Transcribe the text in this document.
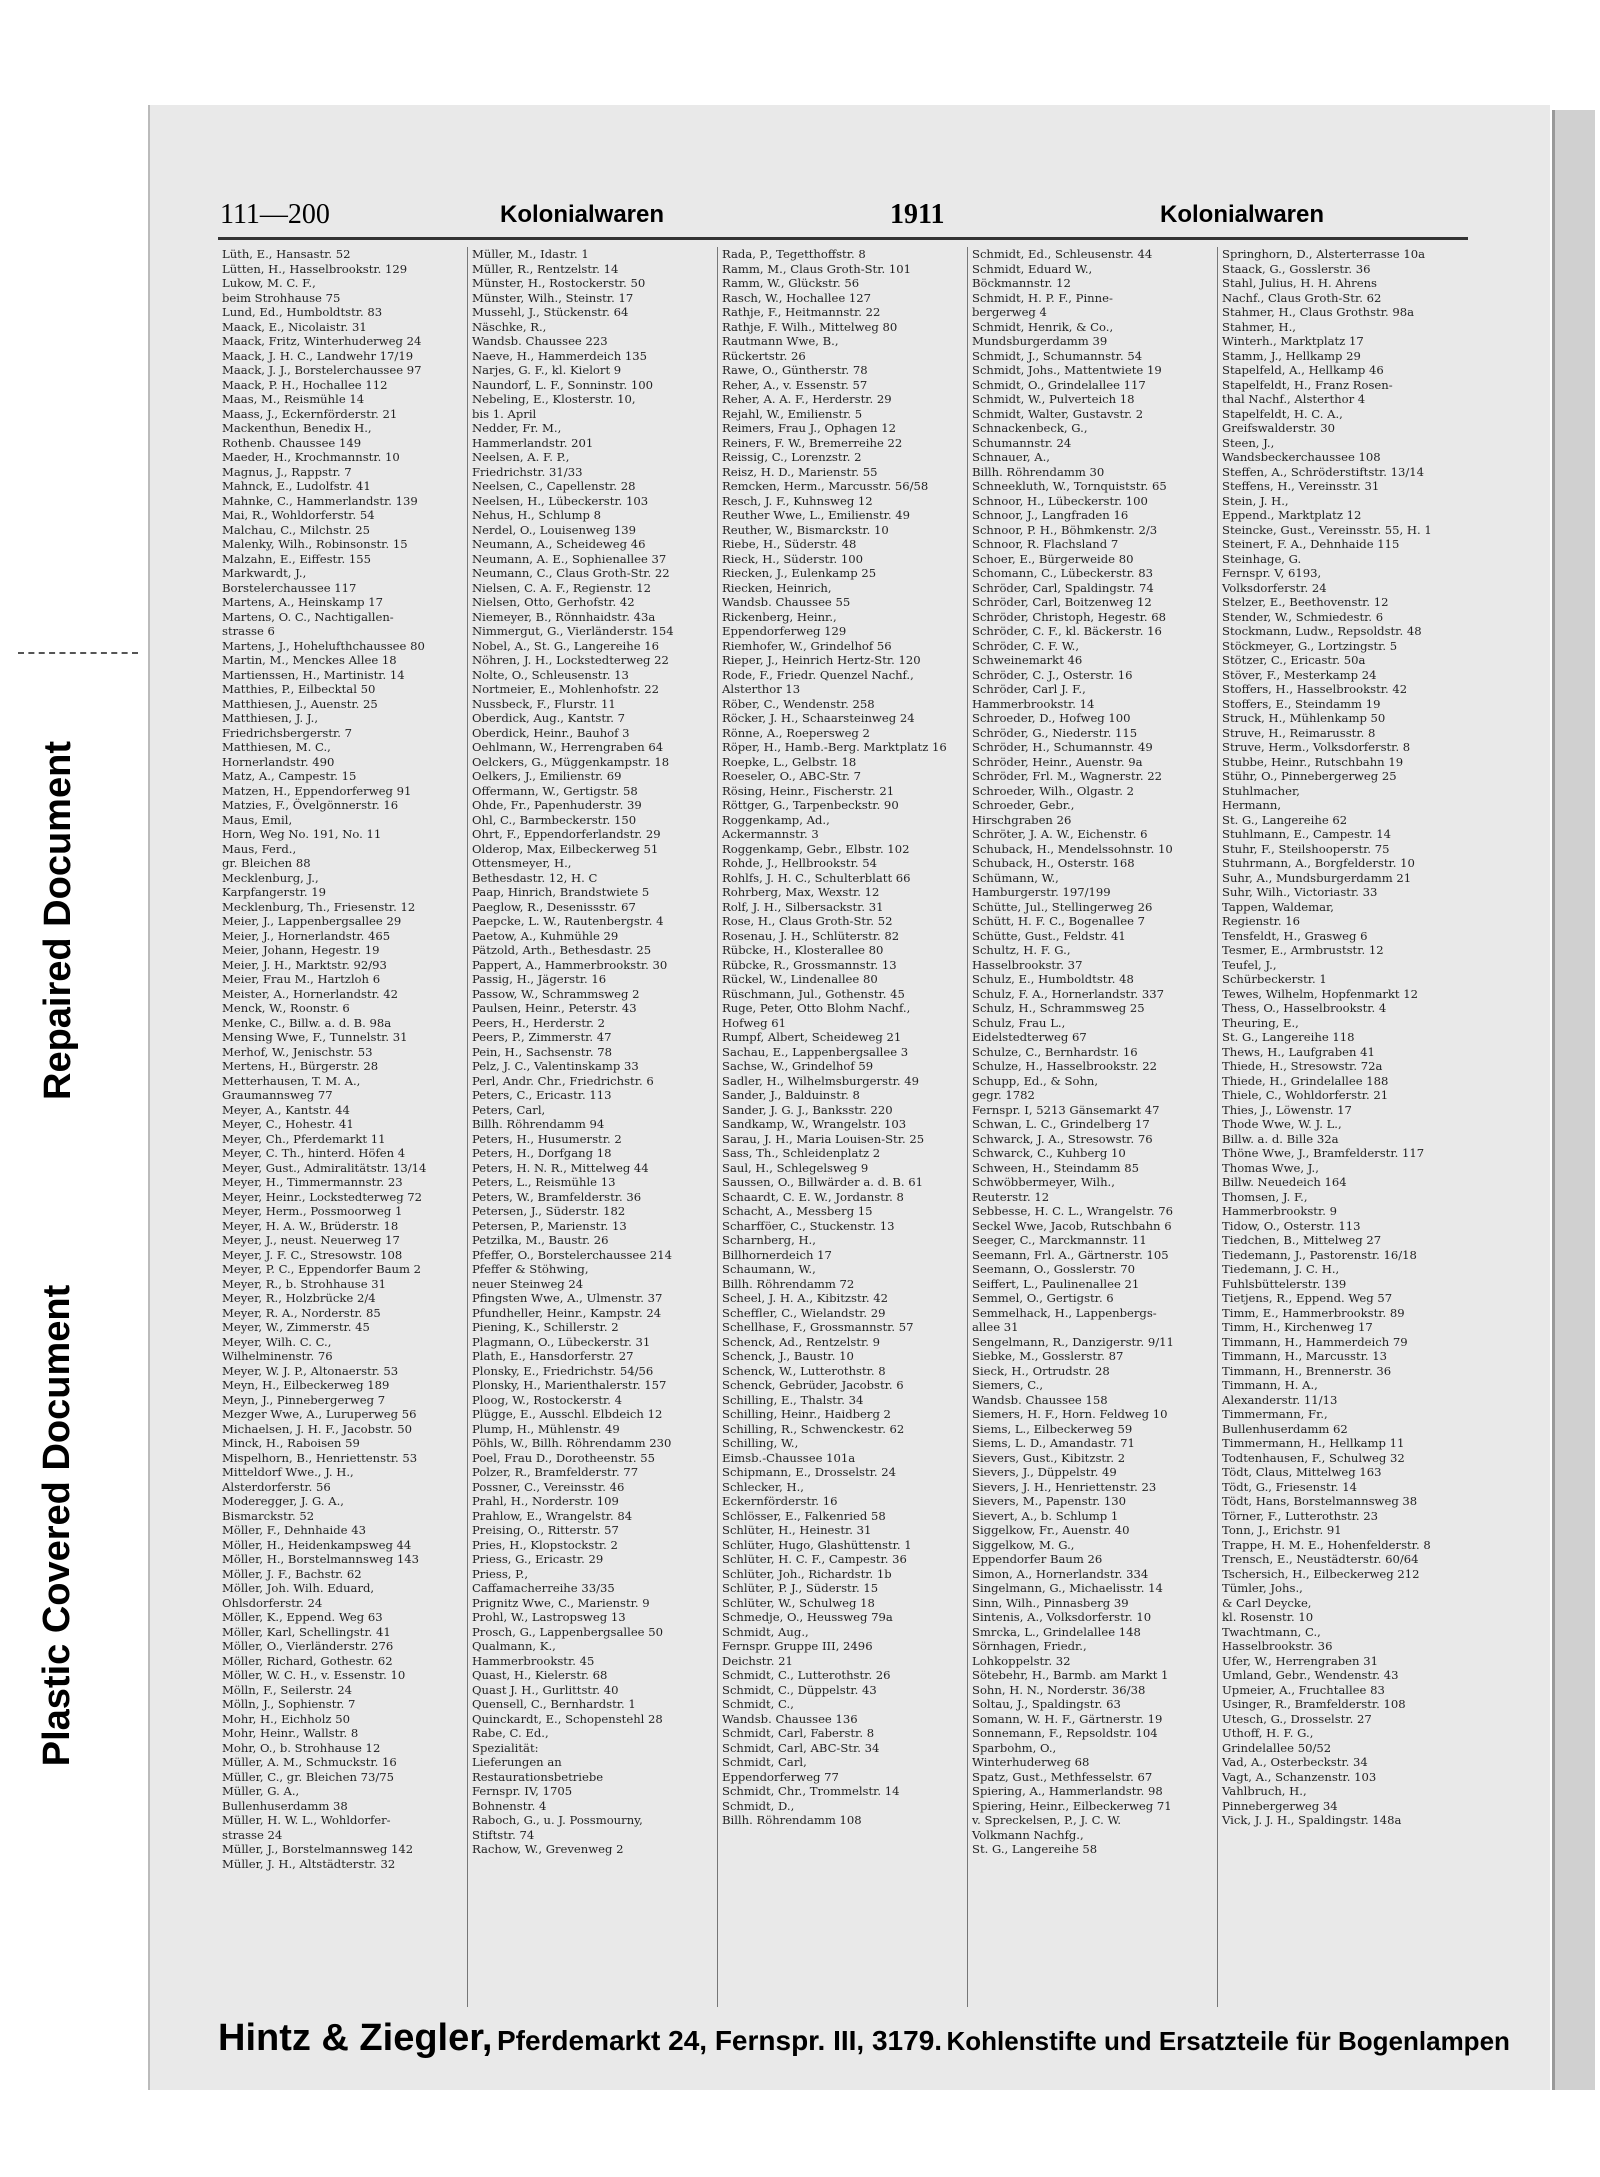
Repaired Document
Plastic Covered Document
111—200	Kolonialwaren	1911	Kolonialwaren
Lüth, E., Hansastr. 52
Lütten, H., Hasselbrookstr. 129
Lukow, M. C. F.,
beim Strohhause 75
Lund, Ed., Humboldtstr. 83
Maack, E., Nicolaistr. 31
Maack, Fritz, Winterhuderweg 24
Maack, J. H. C., Landwehr 17/19
Maack, J. J., Borstelerchaussee 97
Maack, P. H., Hochallee 112
Maas, M., Reismühle 14
Maass, J., Eckernförderstr. 21
Mackenthun, Benedix H.,
Rothenb. Chaussee 149
Maeder, H., Krochmannstr. 10
Magnus, J., Rappstr. 7
Mahnck, E., Ludolfstr. 41
Mahnke, C., Hammerlandstr. 139
Mai, R., Wohldorferstr. 54
Malchau, C., Milchstr. 25
Malenky, Wilh., Robinsonstr. 15
Malzahn, E., Eiffestr. 155
Markwardt, J.,
Borstelerchaussee 117
Martens, A., Heinskamp 17
Martens, O. C., Nachtigallen-
strasse 6
Martens, J., Hohelufthchaussee 80
Martin, M., Menckes Allee 18
Martienssen, H., Martinistr. 14
Matthies, P., Eilbecktal 50
Matthiesen, J., Auenstr. 25
Matthiesen, J. J.,
Friedrichsbergerstr. 7
Matthiesen, M. C.,
Hornerlandstr. 490
Matz, A., Campestr. 15
Matzen, H., Eppendorferweg 91
Matzies, F., Övelgönnerstr. 16
Maus, Emil,
Horn, Weg No. 191, No. 11
Maus, Ferd.,
gr. Bleichen 88
Mecklenburg, J.,
Karpfangerstr. 19
Mecklenburg, Th., Friesenstr. 12
Meier, J., Lappenbergsallee 29
Meier, J., Hornerlandstr. 465
Meier, Johann, Hegestr. 19
Meier, J. H., Marktstr. 92/93
Meier, Frau M., Hartzloh 6
Meister, A., Hornerlandstr. 42
Menck, W., Roonstr. 6
Menke, C., Billw. a. d. B. 98a
Mensing Wwe, F., Tunnelstr. 31
Merhof, W., Jenischstr. 53
Mertens, H., Bürgerstr. 28
Metterhausen, T. M. A.,
Graumannsweg 77
Meyer, A., Kantstr. 44
Meyer, C., Hohestr. 41
Meyer, Ch., Pferdemarkt 11
Meyer, C. Th., hinterd. Höfen 4
Meyer, Gust., Admiralitätstr. 13/14
Meyer, H., Timmermannstr. 23
Meyer, Heinr., Lockstedterweg 72
Meyer, Herm., Possmoorweg 1
Meyer, H. A. W., Brüderstr. 18
Meyer, J., neust. Neuerweg 17
Meyer, J. F. C., Stresowstr. 108
Meyer, P. C., Eppendorfer Baum 2
Meyer, R., b. Strohhause 31
Meyer, R., Holzbrücke 2/4
Meyer, R. A., Norderstr. 85
Meyer, W., Zimmerstr. 45
Meyer, Wilh. C. C.,
Wilhelminenstr. 76
Meyer, W. J. P., Altonaerstr. 53
Meyn, H., Eilbeckerweg 189
Meyn, J., Pinnebergerweg 7
Mezger Wwe, A., Luruperweg 56
Michaelsen, J. H. F., Jacobstr. 50
Minck, H., Raboisen 59
Mispelhorn, B., Henriettenstr. 53
Mitteldorf Wwe., J. H.,
Alsterdorferstr. 56
Moderegger, J. G. A.,
Bismarckstr. 52
Möller, F., Dehnhaide 43
Möller, H., Heidenkampsweg 44
Möller, H., Borstelmannsweg 143
Möller, J. F., Bachstr. 62
Möller, Joh. Wilh. Eduard,
Ohlsdorferstr. 24
Möller, K., Eppend. Weg 63
Möller, Karl, Schellingstr. 41
Möller, O., Vierländerstr. 276
Möller, Richard, Gothestr. 62
Möller, W. C. H., v. Essenstr. 10
Mölln, F., Seilerstr. 24
Mölln, J., Sophienstr. 7
Mohr, H., Eichholz 50
Mohr, Heinr., Wallstr. 8
Mohr, O., b. Strohhause 12
Müller, A. M., Schmuckstr. 16
Müller, C., gr. Bleichen 73/75
Müller, G. A.,
Bullenhuserdamm 38
Müller, H. W. L., Wohldorfer-
strasse 24
Müller, J., Borstelmannsweg 142
Müller, J. H., Altstädterstr. 32
Müller, M., Idastr. 1
Müller, R., Rentzelstr. 14
Münster, H., Rostockerstr. 50
Münster, Wilh., Steinstr. 17
Mussehl, J., Stückenstr. 64
Näschke, R.,
Wandsb. Chaussee 223
Naeve, H., Hammerdeich 135
Narjes, G. F., kl. Kielort 9
Naundorf, L. F., Sonninstr. 100
Nebeling, E., Klosterstr. 10,
bis 1. April
Nedder, Fr. M.,
Hammerlandstr. 201
Neelsen, A. F. P.,
Friedrichstr. 31/33
Neelsen, C., Capellenstr. 28
Neelsen, H., Lübeckerstr. 103
Nehus, H., Schlump 8
Nerdel, O., Louisenweg 139
Neumann, A., Scheideweg 46
Neumann, A. E., Sophienallee 37
Neumann, C., Claus Groth-Str. 22
Nielsen, C. A. F., Regienstr. 12
Nielsen, Otto, Gerhofstr. 42
Niemeyer, B., Rönnhaidstr. 43a
Nimmergut, G., Vierländerstr. 154
Nobel, A., St. G., Langereihe 16
Nöhren, J. H., Lockstedterweg 22
Nolte, O., Schleusenstr. 13
Nortmeier, E., Mohlenhofstr. 22
Nussbeck, F., Flurstr. 11
Oberdick, Aug., Kantstr. 7
Oberdick, Heinr., Bauhof 3
Oehlmann, W., Herrengraben 64
Oelckers, G., Müggenkampstr. 18
Oelkers, J., Emilienstr. 69
Offermann, W., Gertigstr. 58
Ohde, Fr., Papenhuderstr. 39
Ohl, C., Barmbeckerstr. 150
Ohrt, F., Eppendorferlandstr. 29
Olderop, Max, Eilbeckerweg 51
Ottensmeyer, H.,
Bethesdastr. 12, H. C
Paap, Hinrich, Brandstwiete 5
Paeglow, R., Desenissstr. 67
Paepcke, L. W., Rautenbergstr. 4
Paetow, A., Kuhmühle 29
Pätzold, Arth., Bethesdastr. 25
Pappert, A., Hammerbrookstr. 30
Passig, H., Jägerstr. 16
Passow, W., Schrammsweg 2
Paulsen, Heinr., Peterstr. 43
Peers, H., Herderstr. 2
Peers, P., Zimmerstr. 47
Pein, H., Sachsenstr. 78
Pelz, J. C., Valentinskamp 33
Perl, Andr. Chr., Friedrichstr. 6
Peters, C., Ericastr. 113
Peters, Carl,
Billh. Röhrendamm 94
Peters, H., Husumerstr. 2
Peters, H., Dorfgang 18
Peters, H. N. R., Mittelweg 44
Peters, L., Reismühle 13
Peters, W., Bramfelderstr. 36
Petersen, J., Süderstr. 182
Petersen, P., Marienstr. 13
Petzilka, M., Baustr. 26
Pfeffer, O., Borstelerchaussee 214
Pfeffer & Stöhwing,
neuer Steinweg 24
Pfingsten Wwe, A., Ulmenstr. 37
Pfundheller, Heinr., Kampstr. 24
Piening, K., Schillerstr. 2
Plagmann, O., Lübeckerstr. 31
Plath, E., Hansdorferstr. 27
Plonsky, E., Friedrichstr. 54/56
Plonsky, H., Marienthalerstr. 157
Ploog, W., Rostockerstr. 4
Plügge, E., Ausschl. Elbdeich 12
Plump, H., Mühlenstr. 49
Pöhls, W., Billh. Röhrendamm 230
Poel, Frau D., Dorotheenstr. 55
Polzer, R., Bramfelderstr. 77
Possner, C., Vereinsstr. 46
Prahl, H., Norderstr. 109
Prahlow, E., Wrangelstr. 84
Preising, O., Ritterstr. 57
Pries, H., Klopstockstr. 2
Priess, G., Ericastr. 29
Priess, P.,
Caffamacherreihe 33/35
Prignitz Wwe, C., Marienstr. 9
Prohl, W., Lastropsweg 13
Prosch, G., Lappenbergsallee 50
Qualmann, K.,
Hammerbrookstr. 45
Quast, H., Kielerstr. 68
Quast J. H., Gurlittstr. 40
Quensell, C., Bernhardstr. 1
Quinckardt, E., Schopenstehl 28
Rabe, C. Ed.,
Spezialität:
Lieferungen an
Restaurationsbetriebe
Fernspr. IV, 1705
Bohnenstr. 4
Raboch, G., u. J. Possmourny,
Stiftstr. 74
Rachow, W., Grevenweg 2
Rada, P., Tegetthoffstr. 8
Ramm, M., Claus Groth-Str. 101
Ramm, W., Glückstr. 56
Rasch, W., Hochallee 127
Rathje, F., Heitmannstr. 22
Rathje, F. Wilh., Mittelweg 80
Rautmann Wwe, B.,
Rückertstr. 26
Rawe, O., Güntherstr. 78
Reher, A., v. Essenstr. 57
Reher, A. A. F., Herderstr. 29
Rejahl, W., Emilienstr. 5
Reimers, Frau J., Ophagen 12
Reiners, F. W., Bremerreihe 22
Reissig, C., Lorenzstr. 2
Reisz, H. D., Marienstr. 55
Remcken, Herm., Marcusstr. 56/58
Resch, J. F., Kuhnsweg 12
Reuther Wwe, L., Emilienstr. 49
Reuther, W., Bismarckstr. 10
Riebe, H., Süderstr. 48
Rieck, H., Süderstr. 100
Riecken, J., Eulenkamp 25
Riecken, Heinrich,
Wandsb. Chaussee 55
Rickenberg, Heinr.,
Eppendorferweg 129
Riemhofer, W., Grindelhof 56
Rieper, J., Heinrich Hertz-Str. 120
Rode, F., Friedr. Quenzel Nachf.,
Alsterthor 13
Röber, C., Wendenstr. 258
Röcker, J. H., Schaarsteinweg 24
Rönne, A., Roepersweg 2
Röper, H., Hamb.-Berg. Marktplatz 16
Roepke, L., Gelbstr. 18
Roeseler, O., ABC-Str. 7
Rösing, Heinr., Fischerstr. 21
Röttger, G., Tarpenbeckstr. 90
Roggenkamp, Ad.,
Ackermannstr. 3
Roggenkamp, Gebr., Elbstr. 102
Rohde, J., Hellbrookstr. 54
Rohlfs, J. H. C., Schulterblatt 66
Rohrberg, Max, Wexstr. 12
Rolf, J. H., Silbersackstr. 31
Rose, H., Claus Groth-Str. 52
Rosenau, J. H., Schlüterstr. 82
Rübcke, H., Klosterallee 80
Rübcke, R., Grossmannstr. 13
Rückel, W., Lindenallee 80
Rüschmann, Jul., Gothenstr. 45
Ruge, Peter, Otto Blohm Nachf.,
Hofweg 61
Rumpf, Albert, Scheideweg 21
Sachau, E., Lappenbergsallee 3
Sachse, W., Grindelhof 59
Sadler, H., Wilhelmsburgerstr. 49
Sander, J., Balduinstr. 8
Sander, J. G. J., Banksstr. 220
Sandkamp, W., Wrangelstr. 103
Sarau, J. H., Maria Louisen-Str. 25
Sass, Th., Schleidenplatz 2
Saul, H., Schlegelsweg 9
Saussen, O., Billwärder a. d. B. 61
Schaardt, C. E. W., Jordanstr. 8
Schacht, A., Messberg 15
Scharfföer, C., Stuckenstr. 13
Scharnberg, H.,
Billhornerdeich 17
Schaumann, W.,
Billh. Röhrendamm 72
Scheel, J. H. A., Kibitzstr. 42
Scheffler, C., Wielandstr. 29
Schellhase, F., Grossmannstr. 57
Schenck, Ad., Rentzelstr. 9
Schenck, J., Baustr. 10
Schenck, W., Lutterothstr. 8
Schenck, Gebrüder, Jacobstr. 6
Schilling, E., Thalstr. 34
Schilling, Heinr., Haidberg 2
Schilling, R., Schwenckestr. 62
Schilling, W.,
Eimsb.-Chaussee 101a
Schipmann, E., Drosselstr. 24
Schlecker, H.,
Eckernförderstr. 16
Schlösser, E., Falkenried 58
Schlüter, H., Heinestr. 31
Schlüter, Hugo, Glashüttenstr. 1
Schlüter, H. C. F., Campestr. 36
Schlüter, Joh., Richardstr. 1b
Schlüter, P. J., Süderstr. 15
Schlüter, W., Schulweg 18
Schmedje, O., Heussweg 79a
Schmidt, Aug.,
Fernspr. Gruppe III, 2496
Deichstr. 21
Schmidt, C., Lutterothstr. 26
Schmidt, C., Düppelstr. 43
Schmidt, C.,
Wandsb. Chaussee 136
Schmidt, Carl, Faberstr. 8
Schmidt, Carl, ABC-Str. 34
Schmidt, Carl,
Eppendorferweg 77
Schmidt, Chr., Trommelstr. 14
Schmidt, D.,
Billh. Röhrendamm 108
Schmidt, Ed., Schleusenstr. 44
Schmidt, Eduard W.,
Böckmannstr. 12
Schmidt, H. P. F., Pinne-
bergerweg 4
Schmidt, Henrik, & Co.,
Mundsburgerdamm 39
Schmidt, J., Schumannstr. 54
Schmidt, Johs., Mattentwiete 19
Schmidt, O., Grindelallee 117
Schmidt, W., Pulverteich 18
Schmidt, Walter, Gustavstr. 2
Schnackenbeck, G.,
Schumannstr. 24
Schnauer, A.,
Billh. Röhrendamm 30
Schneekluth, W., Tornquiststr. 65
Schnoor, H., Lübeckerstr. 100
Schnoor, J., Langfraden 16
Schnoor, P. H., Böhmkenstr. 2/3
Schnoor, R. Flachsland 7
Schoer, E., Bürgerweide 80
Schomann, C., Lübeckerstr. 83
Schröder, Carl, Spaldingstr. 74
Schröder, Carl, Boitzenweg 12
Schröder, Christoph, Hegestr. 68
Schröder, C. F., kl. Bäckerstr. 16
Schröder, C. F. W.,
Schweinemarkt 46
Schröder, C. J., Osterstr. 16
Schröder, Carl J. F.,
Hammerbrookstr. 14
Schroeder, D., Hofweg 100
Schröder, G., Niederstr. 115
Schröder, H., Schumannstr. 49
Schröder, Heinr., Auenstr. 9a
Schröder, Frl. M., Wagnerstr. 22
Schroeder, Wilh., Olgastr. 2
Schroeder, Gebr.,
Hirschgraben 26
Schröter, J. A. W., Eichenstr. 6
Schuback, H., Mendelssohnstr. 10
Schuback, H., Osterstr. 168
Schümann, W.,
Hamburgerstr. 197/199
Schütte, Jul., Stellingerweg 26
Schütt, H. F. C., Bogenallee 7
Schütte, Gust., Feldstr. 41
Schultz, H. F. G.,
Hasselbrookstr. 37
Schulz, E., Humboldtstr. 48
Schulz, F. A., Hornerlandstr. 337
Schulz, H., Schrammsweg 25
Schulz, Frau L.,
Eidelstedterweg 67
Schulze, C., Bernhardstr. 16
Schulze, H., Hasselbrookstr. 22
Schupp, Ed., & Sohn,
gegr. 1782
Fernspr. I, 5213 Gänsemarkt 47
Schwan, L. C., Grindelberg 17
Schwarck, J. A., Stresowstr. 76
Schwarck, C., Kuhberg 10
Schween, H., Steindamm 85
Schwöbbermeyer, Wilh.,
Reuterstr. 12
Sebbesse, H. C. L., Wrangelstr. 76
Seckel Wwe, Jacob, Rutschbahn 6
Seeger, C., Marckmannstr. 11
Seemann, Frl. A., Gärtnerstr. 105
Seemann, O., Gosslerstr. 70
Seiffert, L., Paulinenallee 21
Semmel, O., Gertigstr. 6
Semmelhack, H., Lappenbergs-
allee 31
Sengelmann, R., Danzigerstr. 9/11
Siebke, M., Gosslerstr. 87
Sieck, H., Ortrudstr. 28
Siemers, C.,
Wandsb. Chaussee 158
Siemers, H. F., Horn. Feldweg 10
Siems, L., Eilbeckerweg 59
Siems, L. D., Amandastr. 71
Sievers, Gust., Kibitzstr. 2
Sievers, J., Düppelstr. 49
Sievers, J. H., Henriettenstr. 23
Sievers, M., Papenstr. 130
Sievert, A., b. Schlump 1
Siggelkow, Fr., Auenstr. 40
Siggelkow, M. G.,
Eppendorfer Baum 26
Simon, A., Hornerlandstr. 334
Singelmann, G., Michaelisstr. 14
Sinn, Wilh., Pinnasberg 39
Sintenis, A., Volksdorferstr. 10
Smrcka, L., Grindelallee 148
Sörnhagen, Friedr.,
Lohkoppelstr. 32
Sötebehr, H., Barmb. am Markt 1
Sohn, H. N., Norderstr. 36/38
Soltau, J., Spaldingstr. 63
Somann, W. H. F., Gärtnerstr. 19
Sonnemann, F., Repsoldstr. 104
Sparbohm, O.,
Winterhuderweg 68
Spatz, Gust., Methfesselstr. 67
Spiering, A., Hammerlandstr. 98
Spiering, Heinr., Eilbeckerweg 71
v. Spreckelsen, P., J. C. W.
Volkmann Nachfg.,
St. G., Langereihe 58
Springhorn, D., Alsterterrasse 10a
Staack, G., Gosslerstr. 36
Stahl, Julius, H. H. Ahrens
Nachf., Claus Groth-Str. 62
Stahmer, H., Claus Grothstr. 98a
Stahmer, H.,
Winterh., Marktplatz 17
Stamm, J., Hellkamp 29
Stapelfeld, A., Hellkamp 46
Stapelfeldt, H., Franz Rosen-
thal Nachf., Alsterthor 4
Stapelfeldt, H. C. A.,
Greifswalderstr. 30
Steen, J.,
Wandsbeckerchaussee 108
Steffen, A., Schröderstiftstr. 13/14
Steffens, H., Vereinsstr. 31
Stein, J. H.,
Eppend., Marktplatz 12
Steincke, Gust., Vereinsstr. 55, H. 1
Steinert, F. A., Dehnhaide 115
Steinhage, G.
Fernspr. V, 6193,
Volksdorferstr. 24
Stelzer, E., Beethovenstr. 12
Stender, W., Schmiedestr. 6
Stockmann, Ludw., Repsoldstr. 48
Stöckmeyer, G., Lortzingstr. 5
Stötzer, C., Ericastr. 50a
Stöver, F., Mesterkamp 24
Stoffers, H., Hasselbrookstr. 42
Stoffers, E., Steindamm 19
Struck, H., Mühlenkamp 50
Struve, H., Reimarusstr. 8
Struve, Herm., Volksdorferstr. 8
Stubbe, Heinr., Rutschbahn 19
Stühr, O., Pinnebergerweg 25
Stuhlmacher,
Hermann,
St. G., Langereihe 62
Stuhlmann, E., Campestr. 14
Stuhr, F., Steilshooperstr. 75
Stuhrmann, A., Borgfelderstr. 10
Suhr, A., Mundsburgerdamm 21
Suhr, Wilh., Victoriastr. 33
Tappen, Waldemar,
Regienstr. 16
Tensfeldt, H., Grasweg 6
Tesmer, E., Armbruststr. 12
Teufel, J.,
Schürbeckerstr. 1
Tewes, Wilhelm, Hopfenmarkt 12
Thess, O., Hasselbrookstr. 4
Theuring, E.,
St. G., Langereihe 118
Thews, H., Laufgraben 41
Thiede, H., Stresowstr. 72a
Thiede, H., Grindelallee 188
Thiele, C., Wohldorferstr. 21
Thies, J., Löwenstr. 17
Thode Wwe, W. J. L.,
Billw. a. d. Bille 32a
Thöne Wwe, J., Bramfelderstr. 117
Thomas Wwe, J.,
Billw. Neuedeich 164
Thomsen, J. F.,
Hammerbrookstr. 9
Tidow, O., Osterstr. 113
Tiedchen, B., Mittelweg 27
Tiedemann, J., Pastorenstr. 16/18
Tiedemann, J. C. H.,
Fuhlsbüttelerstr. 139
Tietjens, R., Eppend. Weg 57
Timm, E., Hammerbrookstr. 89
Timm, H., Kirchenweg 17
Timmann, H., Hammerdeich 79
Timmann, H., Marcusstr. 13
Timmann, H., Brennerstr. 36
Timmann, H. A.,
Alexanderstr. 11/13
Timmermann, Fr.,
Bullenhuserdamm 62
Timmermann, H., Hellkamp 11
Todtenhausen, F., Schulweg 32
Tödt, Claus, Mittelweg 163
Tödt, G., Friesenstr. 14
Tödt, Hans, Borstelmannsweg 38
Törner, F., Lutterothstr. 23
Tonn, J., Erichstr. 91
Trappe, H. M. E., Hohenfelderstr. 8
Trensch, E., Neustädterstr. 60/64
Tschersich, H., Eilbeckerweg 212
Tümler, Johs.,
& Carl Deycke,
kl. Rosenstr. 10
Twachtmann, C.,
Hasselbrookstr. 36
Ufer, W., Herrengraben 31
Umland, Gebr., Wendenstr. 43
Upmeier, A., Fruchtallee 83
Usinger, R., Bramfelderstr. 108
Utesch, G., Drosselstr. 27
Uthoff, H. F. G.,
Grindelallee 50/52
Vad, A., Osterbeckstr. 34
Vagt, A., Schanzenstr. 103
Vahlbruch, H.,
Pinnebergerweg 34
Vick, J. J. H., Spaldingstr. 148a
Hintz & Ziegler, Pferdemarkt 24, Fernspr. III, 3179. Kohlenstifte und Ersatzteile für Bogenlampen
